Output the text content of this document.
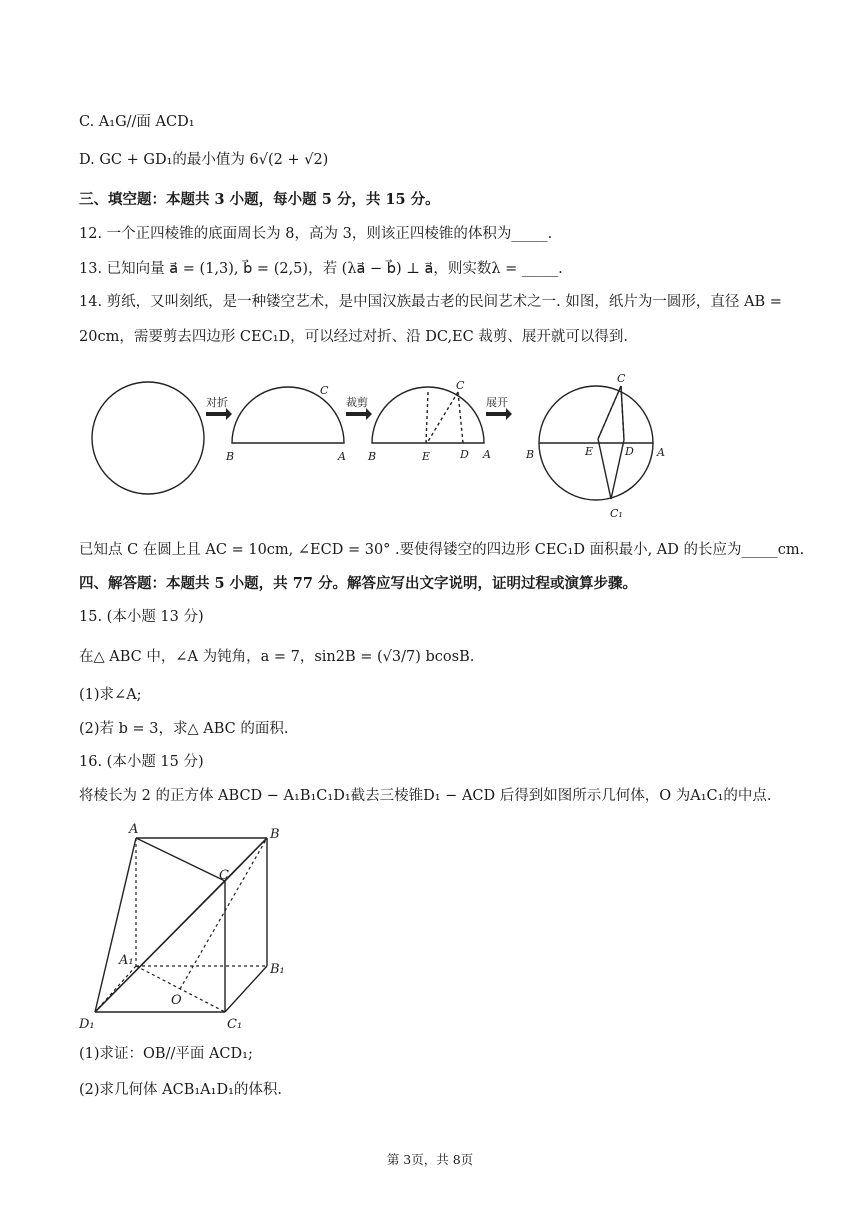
C. A₁G//面 ACD₁
D. GC + GD₁的最小值为 6√(2 + √2)
三、填空题：本题共 3 小题，每小题 5 分，共 15 分。
12. 一个正四棱锥的底面周长为 8，高为 3，则该正四棱锥的体积为_____.
13. 已知向量 a⃗ = (1,3), b⃗ = (2,5)，若 (λa⃗ − b⃗) ⊥ a⃗，则实数λ = _____.
14. 剪纸，又叫刻纸，是一种镂空艺术，是中国汉族最古老的民间艺术之一. 如图，纸片为一圆形，直径 AB =
20cm，需要剪去四边形 CEC₁D，可以经过对折、沿 DC,EC 裁剪、展开就可以得到.
对折	裁剪	展开
C
B	A
C
B	E	D A
C
B	E	D A
C₁
已知点 C 在圆上且 AC = 10cm, ∠ECD = 30° .要使得镂空的四边形 CEC₁D 面积最小, AD 的长应为_____cm.
四、解答题：本题共 5 小题，共 77 分。解答应写出文字说明，证明过程或演算步骤。
15. (本小题 13 分)
在△ ABC 中，∠A 为钝角，a = 7，sin2B = (√3/7) bcosB.
(1)求∠A;
(2)若 b = 3，求△ ABC 的面积.
16. (本小题 15 分)
将棱长为 2 的正方体 ABCD − A₁B₁C₁D₁截去三棱锥D₁ − ACD 后得到如图所示几何体，O 为A₁C₁的中点.
A	B
C
A₁
B₁
O
D₁	C₁
(1)求证：OB//平面 ACD₁;
(2)求几何体 ACB₁A₁D₁的体积.
第 3页，共 8页
